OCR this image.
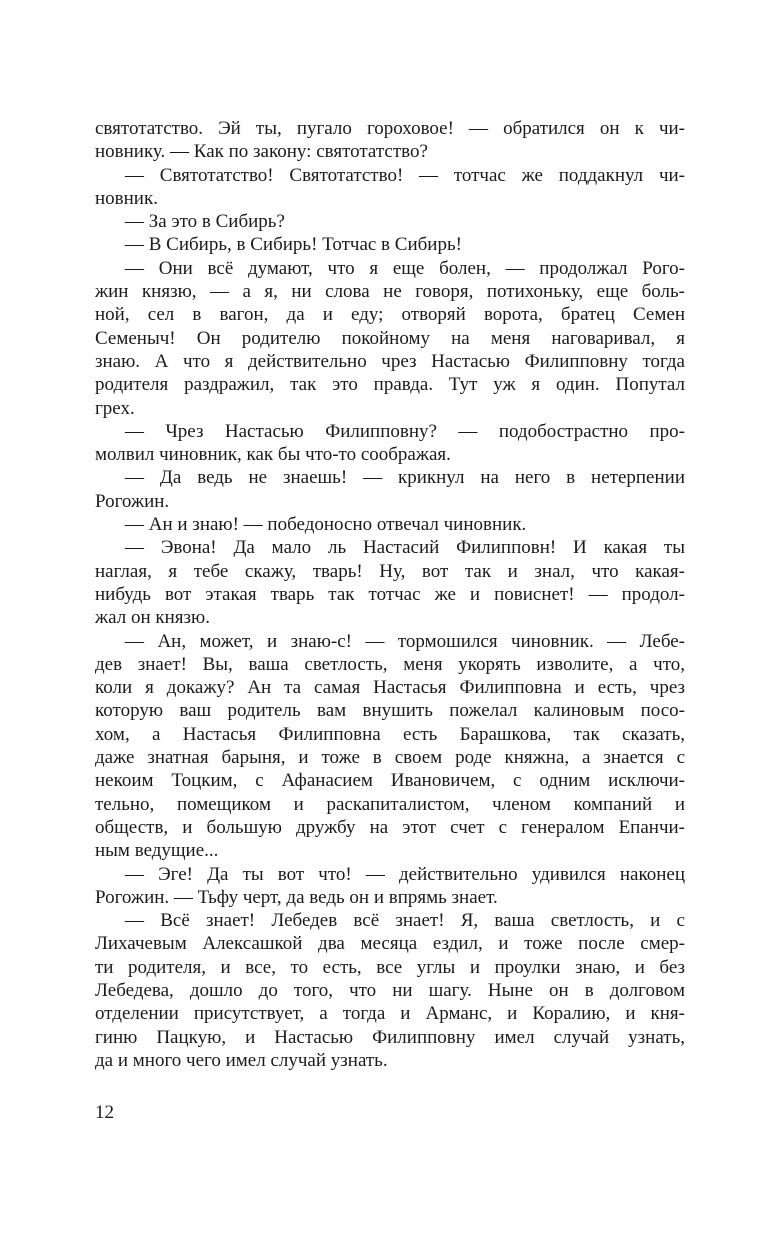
святотатство. Эй ты, пугало гороховое! — обратился он к чи-
новнику. — Как по закону: святотатство?
— Святотатство! Святотатство! — тотчас же поддакнул чи-
новник.
— За это в Сибирь?
— В Сибирь, в Сибирь! Тотчас в Сибирь!
— Они всё думают, что я еще болен, — продолжал Рого-
жин князю, — а я, ни слова не говоря, потихоньку, еще боль-
ной, сел в вагон, да и еду; отворяй ворота, братец Семен
Семеныч! Он родителю покойному на меня наговаривал, я
знаю. А что я действительно чрез Настасью Филипповну тогда
родителя раздражил, так это правда. Тут уж я один. Попутал
грех.
— Чрез Настасью Филипповну? — подобострастно про-
молвил чиновник, как бы что-то соображая.
— Да ведь не знаешь! — крикнул на него в нетерпении
Рогожин.
— Ан и знаю! — победоносно отвечал чиновник.
— Эвона! Да мало ль Настасий Филипповн! И какая ты
наглая, я тебе скажу, тварь! Ну, вот так и знал, что какая-
нибудь вот этакая тварь так тотчас же и повиснет! — продол-
жал он князю.
— Ан, может, и знаю-с! — тормошился чиновник. — Лебе-
дев знает! Вы, ваша светлость, меня укорять изволите, а что,
коли я докажу? Ан та самая Настасья Филипповна и есть, чрез
которую ваш родитель вам внушить пожелал калиновым посо-
хом, а Настасья Филипповна есть Барашкова, так сказать,
даже знатная барыня, и тоже в своем роде княжна, а знается с
некоим Тоцким, с Афанасием Ивановичем, с одним исключи-
тельно, помещиком и раскапиталистом, членом компаний и
обществ, и большую дружбу на этот счет с генералом Епанчи-
ным ведущие...
— Эге! Да ты вот что! — действительно удивился наконец
Рогожин. — Тьфу черт, да ведь он и впрямь знает.
— Всё знает! Лебедев всё знает! Я, ваша светлость, и с
Лихачевым Алексашкой два месяца ездил, и тоже после смер-
ти родителя, и все, то есть, все углы и проулки знаю, и без
Лебедева, дошло до того, что ни шагу. Ныне он в долговом
отделении присутствует, а тогда и Арманс, и Коралию, и кня-
гиню Пацкую, и Настасью Филипповну имел случай узнать,
да и много чего имел случай узнать.
12
